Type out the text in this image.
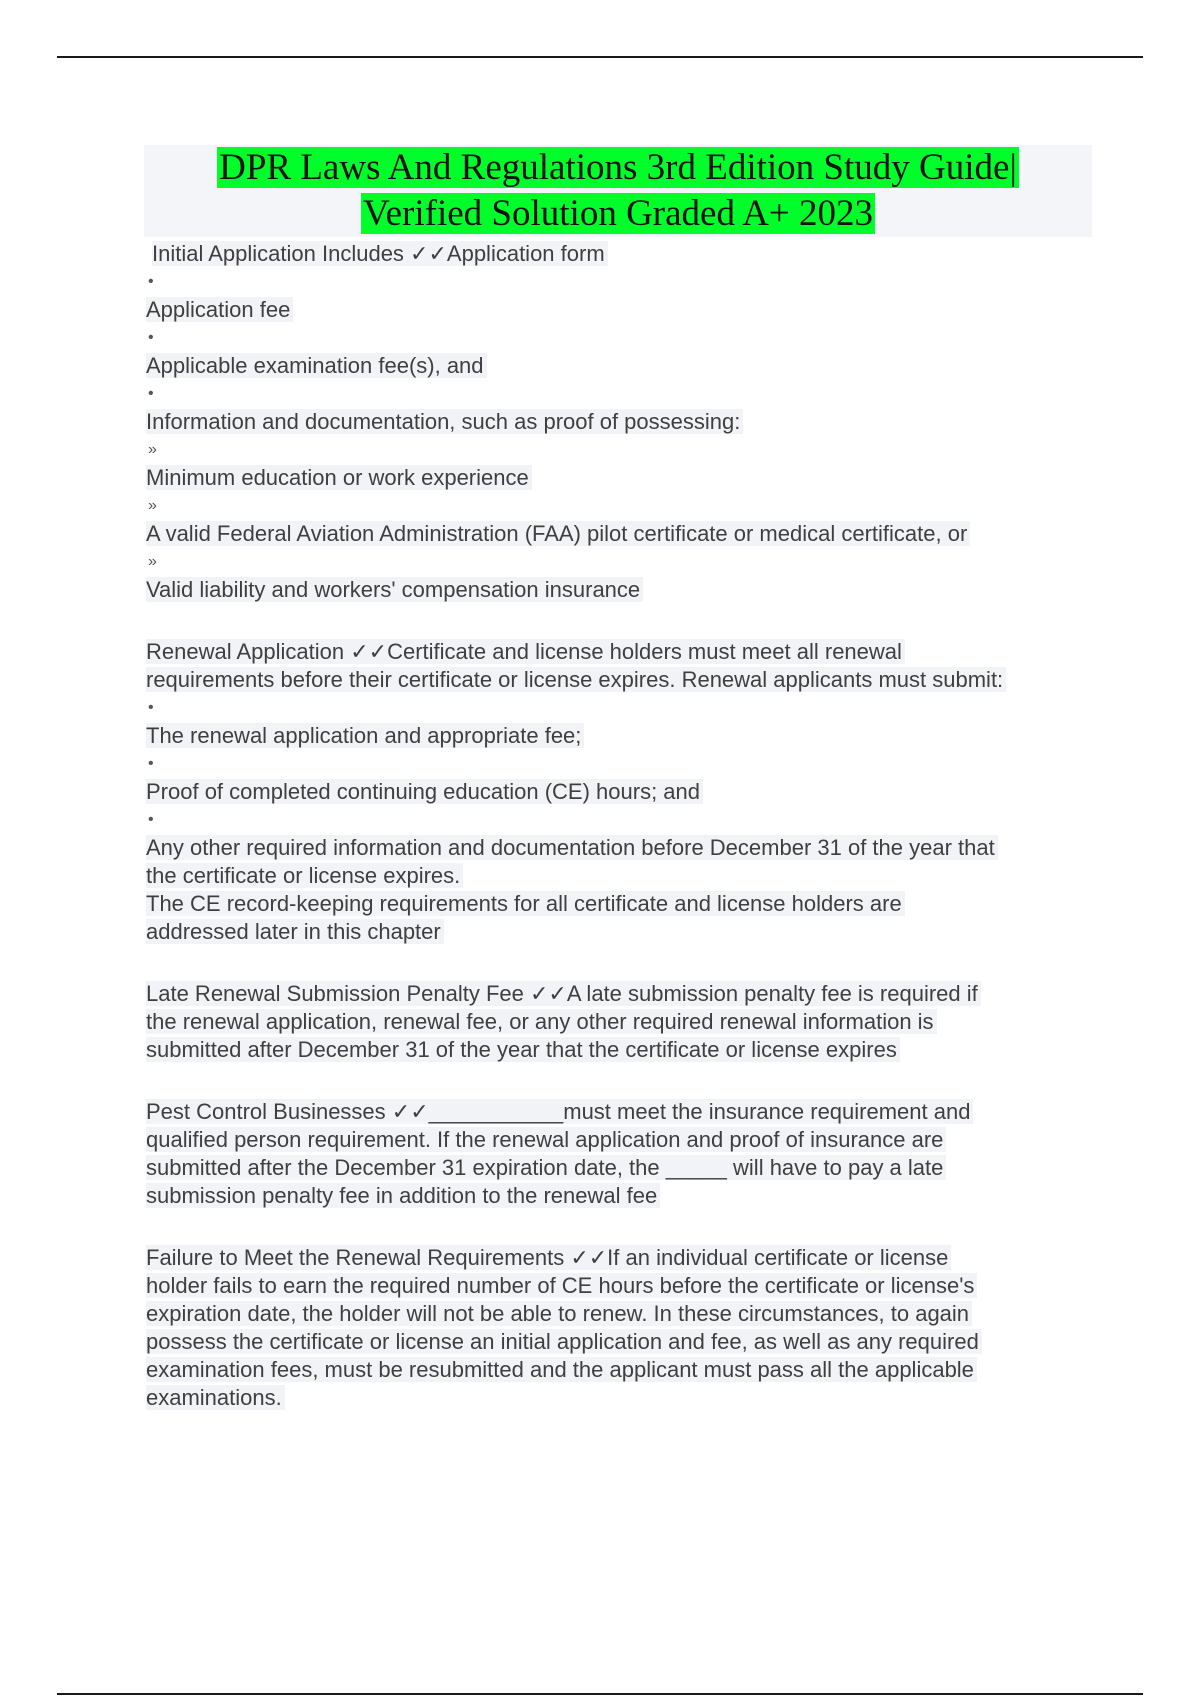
DPR Laws And Regulations 3rd Edition Study Guide|
Verified Solution Graded A+ 2023
Initial Application Includes ✓✓Application form
•
Application fee
•
Applicable examination fee(s), and
•
Information and documentation, such as proof of possessing:
»
Minimum education or work experience
»
A valid Federal Aviation Administration (FAA) pilot certificate or medical certificate, or
»
Valid liability and workers' compensation insurance
Renewal Application ✓✓Certificate and license holders must meet all renewal
requirements before their certificate or license expires. Renewal applicants must submit:
•
The renewal application and appropriate fee;
•
Proof of completed continuing education (CE) hours; and
•
Any other required information and documentation before December 31 of the year that
the certificate or license expires.
The CE record-keeping requirements for all certificate and license holders are
addressed later in this chapter
Late Renewal Submission Penalty Fee ✓✓A late submission penalty fee is required if
the renewal application, renewal fee, or any other required renewal information is
submitted after December 31 of the year that the certificate or license expires
Pest Control Businesses ✓✓___________must meet the insurance requirement and
qualified person requirement. If the renewal application and proof of insurance are
submitted after the December 31 expiration date, the _____ will have to pay a late
submission penalty fee in addition to the renewal fee
Failure to Meet the Renewal Requirements ✓✓If an individual certificate or license
holder fails to earn the required number of CE hours before the certificate or license's
expiration date, the holder will not be able to renew. In these circumstances, to again
possess the certificate or license an initial application and fee, as well as any required
examination fees, must be resubmitted and the applicant must pass all the applicable
examinations.
